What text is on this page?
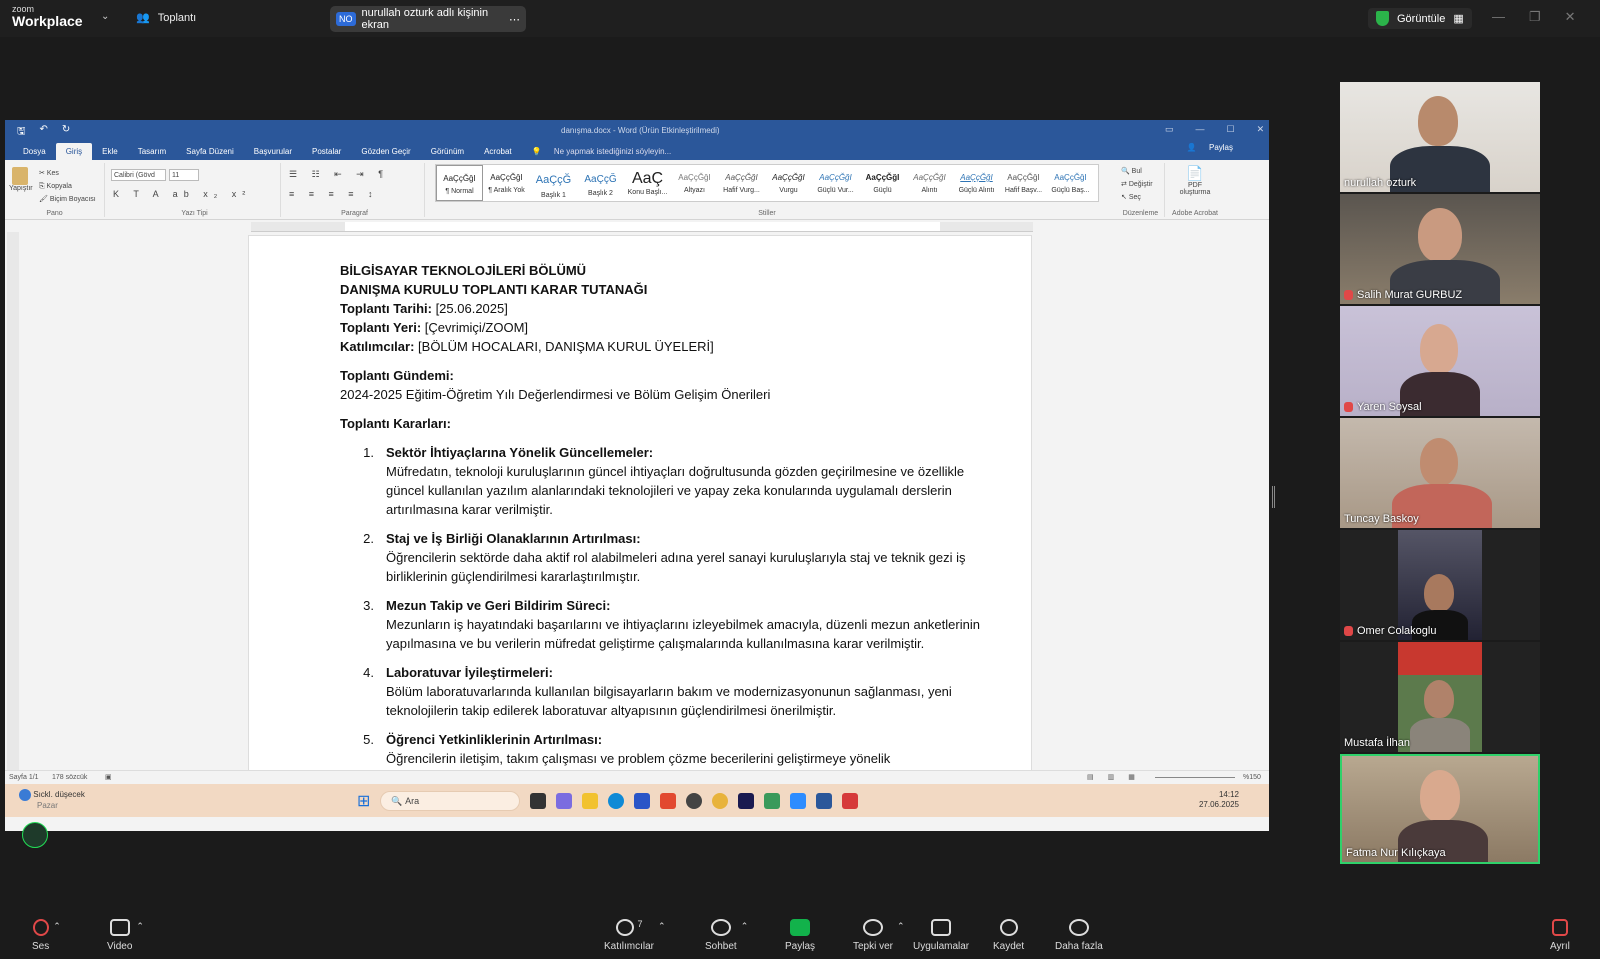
zoom
Workplace ⌄ 👥 Toplantı	NO nurullah ozturk adlı kişinin ekran	⋯	Görüntüle ▦ — ❐ ✕
🖫 ↶ ↻	danışma.docx - Word (Ürün Etkinleştirilmedi)	▭ — ☐ ✕
Dosya	Giriş	Ekle	Tasarım	Sayfa Düzeni	Başvurular	Postalar	Gözden Geçir	Görünüm	Acrobat	💡 Ne yapmak istediğinizi söyleyin...	👤 Paylaş
Yapıştır
✂ Kes
⎘ Kopyala
🖌 Biçim Boyacısı
Pano
Calibri (Gövd	11
K T A ab x₂ x²
Yazı Tipi
☰ ☷ ⇤ ⇥ ¶
≡ ≡ ≡ ≡ ↕
Paragraf
AaÇçĞğI
¶ Normal
AaÇçĞğI
¶ Aralık Yok
AaÇçĞ
Başlık 1
AaÇçĞ
Başlık 2
AaÇ
Konu Başlı...
AaÇçĞğI
Altyazı
AaÇçĞğI
Hafif Vurg...
AaÇçĞğI
Vurgu
AaÇçĞğI
Güçlü Vur...
AaÇçĞğI
Güçlü
AaÇçĞğI
Alıntı
AaÇçĞğI
Güçlü Alıntı
AaÇçĞğI
Hafif Başv...
AaÇçĞğI
Güçlü Baş...
Stiller
🔍 Bul
⇄ Değiştir
↖ Seç
Düzenleme
📄
PDF oluşturma
Adobe Acrobat

BİLGİSAYAR TEKNOLOJİLERİ BÖLÜMÜ

DANIŞMA KURULU TOPLANTI KARAR TUTANAĞI

Toplantı Tarihi: [25.06.2025]

Toplantı Yeri: [Çevrimiçi/ZOOM]

Katılımcılar: [BÖLÜM HOCALARI, DANIŞMA KURUL ÜYELERİ]

Toplantı Gündemi:

2024-2025 Eğitim-Öğretim Yılı Değerlendirmesi ve Bölüm Gelişim Önerileri

Toplantı Kararları:

1. Sektör İhtiyaçlarına Yönelik Güncellemeler:
Müfredatın, teknoloji kuruluşlarının güncel ihtiyaçları doğrultusunda gözden geçirilmesine ve özellikle güncel kullanılan yazılım alanlarındaki teknolojileri ve yapay zeka konularında uygulamalı derslerin artırılmasına karar verilmiştir.
2. Staj ve İş Birliği Olanaklarının Artırılması:
Öğrencilerin sektörde daha aktif rol alabilmeleri adına yerel sanayi kuruluşlarıyla staj ve teknik gezi iş birliklerinin güçlendirilmesi kararlaştırılmıştır.
3. Mezun Takip ve Geri Bildirim Süreci:
Mezunların iş hayatındaki başarılarını ve ihtiyaçlarını izleyebilmek amacıyla, düzenli mezun anketlerinin yapılmasına ve bu verilerin müfredat geliştirme çalışmalarında kullanılmasına karar verilmiştir.
4. Laboratuvar İyileştirmeleri:
Bölüm laboratuvarlarında kullanılan bilgisayarların bakım ve modernizasyonunun sağlanması, yeni teknolojilerin takip edilerek laboratuvar altyapısının güçlendirilmesi önerilmiştir.
5. Öğrenci Yetkinliklerinin Artırılması:
Öğrencilerin iletişim, takım çalışması ve problem çözme becerilerini geliştirmeye yönelik
Sayfa 1/1 178 sözcük	▣	▤▥▦	%150
Sıckl. düşecek
Pazar	⊞	🔍 Ara
14:12
27.06.2025
nurullah ozturk
Salih Murat GURBUZ
Yaren Soysal
Tuncay Baskoy
Omer Colakoglu
Mustafa İlhan
Fatma Nur Kılıçkaya
Ses
⌃
Video
⌃	7
Katılımcılar
⌃
Sohbet
⌃
Paylaş	Tepki ver
⌃
Uygulamalar Kaydet	Daha fazla	Ayrıl
